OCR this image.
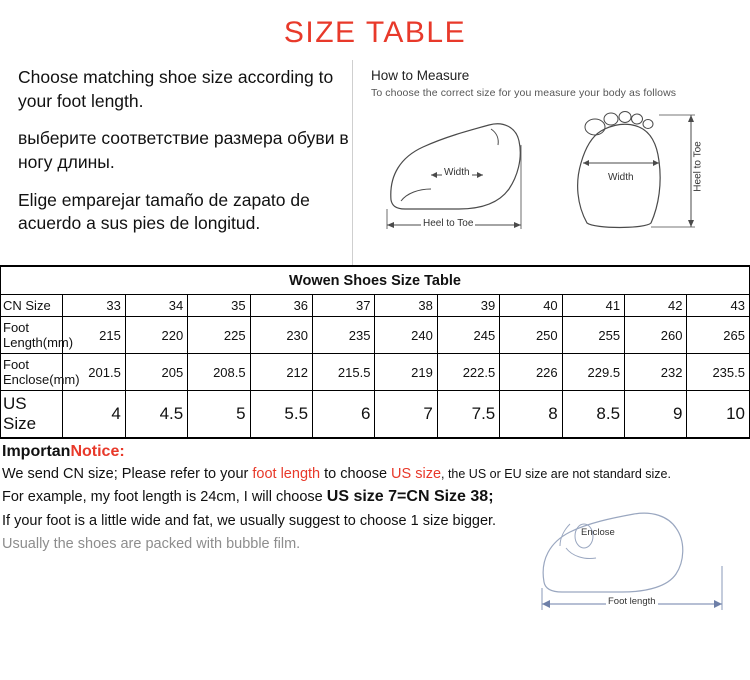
SIZE TABLE

Choose matching shoe size according to your foot length.

выберите соответствие размера обуви в ногу длины.

Elige emparejar tamaño de zapato de acuerdo a sus pies de longitud.

How to Measure
To choose the correct size for you measure your body as follows
Width
Heel to Toe
Width	Heel to Toe
Wowen Shoes Size Table											
CN Size	33	34	35	36	37	38	39	40	41	42	43
Foot Length(mm)	215	220	225	230	235	240	245	250	255	260	265
Foot Enclose(mm)	201.5	205	208.5	212	215.5	219	222.5	226	229.5	232	235.5
US Size	4	4.5	5	5.5	6	7	7.5	8	8.5	9	10
ImportanNotice:

We send CN size; Please refer to your foot length to choose US size, the US or EU size are not standard size.

For example, my foot length is 24cm, I will choose US size 7=CN Size 38;

If your foot is a little wide and fat, we usually suggest to choose 1 size bigger.

Usually the shoes are packed with bubble film.

Enclose
Foot length
